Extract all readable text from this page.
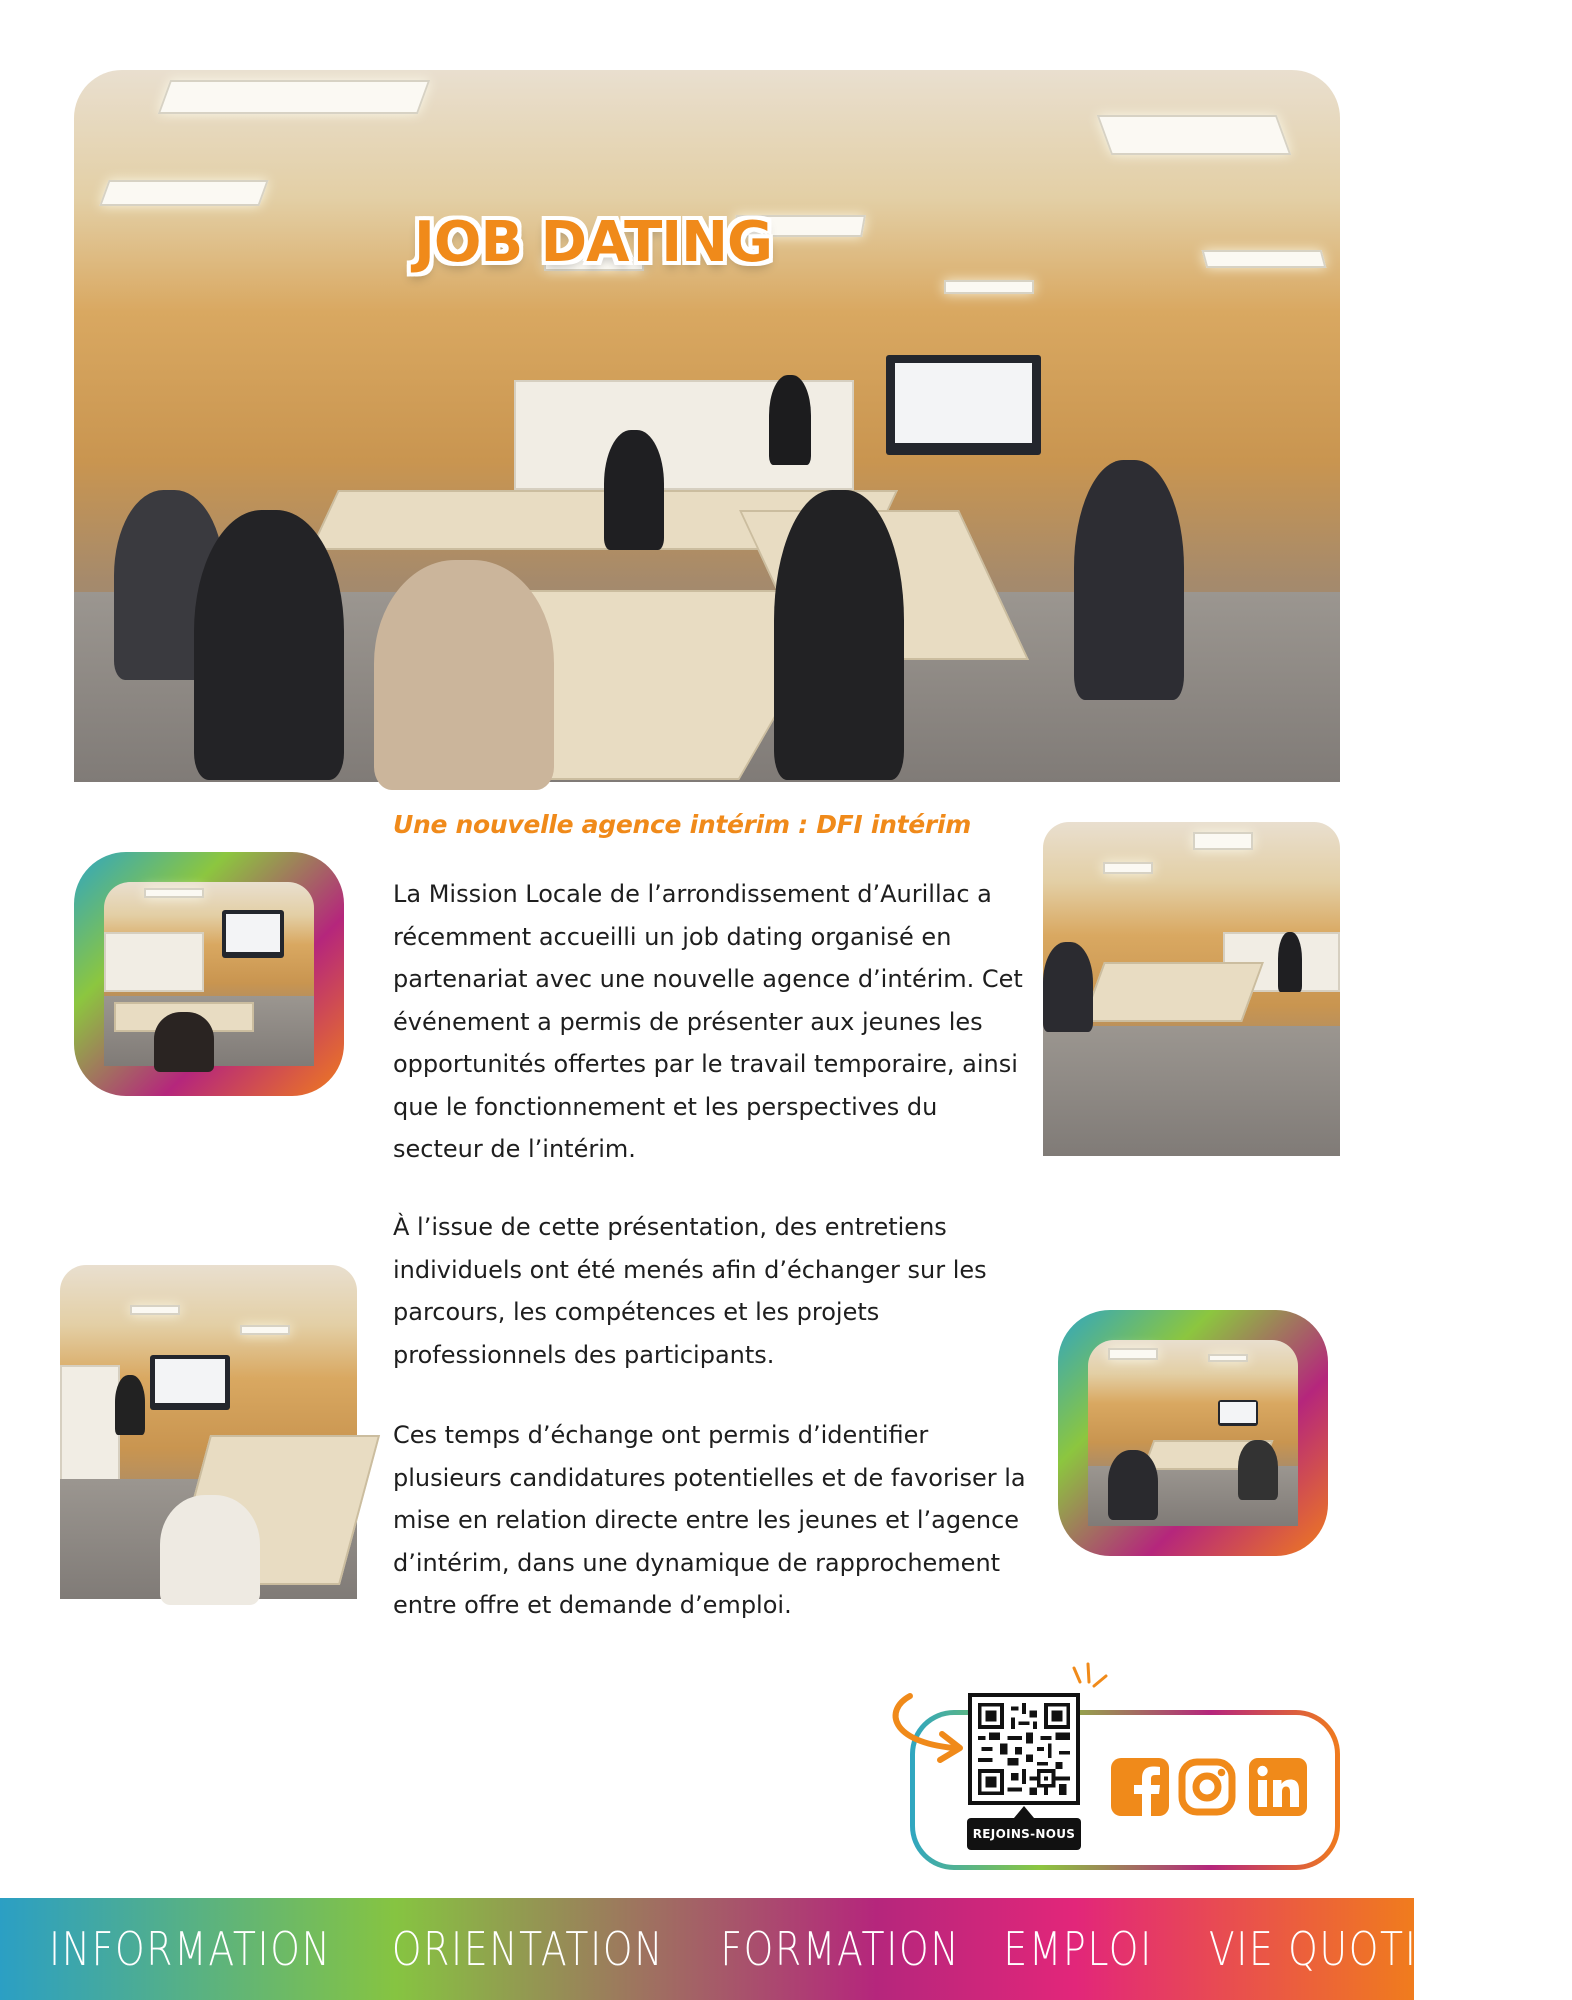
JOB DATING
Une nouvelle agence intérim : DFI intérim

La Mission Locale de l’arrondissement d’Aurillac a récemment accueilli un job dating organisé en partenariat avec une nouvelle agence d’intérim. Cet événement a permis de présenter aux jeunes les opportunités offertes par le travail temporaire, ainsi que le fonctionnement et les perspectives du secteur de l’intérim.

À l’issue de cette présentation, des entretiens individuels ont été menés afin d’échanger sur les parcours, les compétences et les projets professionnels des participants.

Ces temps d’échange ont permis d’identifier plusieurs candidatures potentielles et de favoriser la mise en relation directe entre les jeunes et l’agence d’intérim, dans une dynamique de rapprochement entre offre et demande d’emploi.

REJOINS-NOUS
INFORMATION ORIENTATION FORMATION EMPLOI VIE QUOTIDIENNE
